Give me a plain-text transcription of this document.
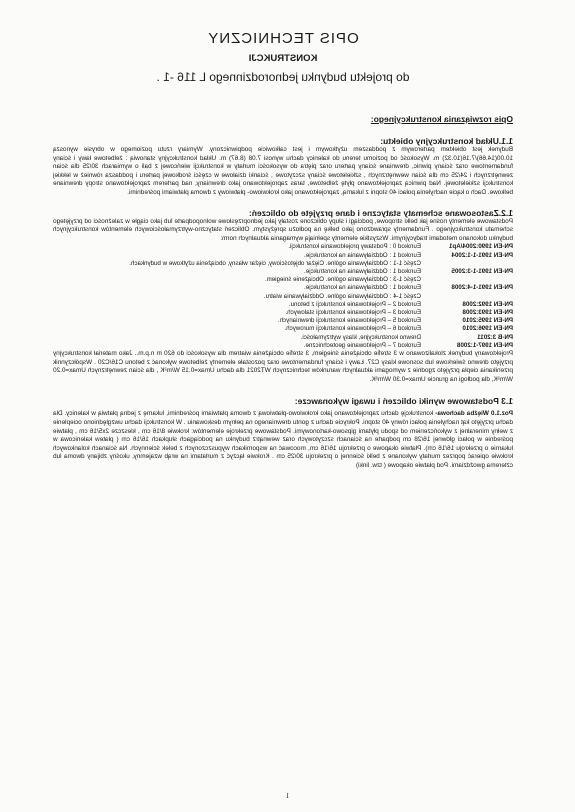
OPIS TECHNICZNY

KONSTRUKCJI

do projektu budynku jednorodzinnego L 116 -1 .

Opis rozwiązania konstrukcyjnego:

1.1.Układ konstrukcyjny obiektu:

Budynek jest obiektem parterowym z poddaszem użytkowym i jest całkowicie podpiwniczony. Wymiary rzutu poziomego w obrysie wynoszą 10.00(14.66)/7.16(10.32) m. Wysokość od poziomu terenu do kalenicy dachu wynosi 7.08 (8.67) m. Układ konstrukcyjny stanowią : żelbetowe ławy i ściany fundamentowe oraz ściany piwnic, drewniane ściany parteru oraz piętra do wysokości murłaty w konstrukcji wieńcowej z bali o wymiarach 30/25 dla ścian zewnętrznych i 24/25 cm dla ścian wewnętrznych , szkieletowe ściany szczytowe , ścianki działowe w części środkowej parteru i poddasza również w lekkiej konstrukcji szkieletowej. Nad piwnicą zaprojektowano płytę żelbetowe, taras zaprojektowano jako drewniany, nad parterem zaprojektowano stropy drewniane belkowe. Dach o kącie nachylenia połaci 40 stopni z lukarną, zaprojektowano jako krokwiowo- płatwiowy z dwoma płatwiami pośrednimi.

1.2.Zastosowane schematy statyczne i dane przyjęte do obliczeń:

Podstawowe elementy nośne jak belki stropowe, podciągi i słupy obliczone zostały jako jednoprzęsłowe wolnopodparte lub jako ciągłe w zależności od przyjętego schematu konstrukcyjnego . Fundamenty sprawdzono jako belkę na podłożu sprężystym. Obliczeń statyczno-wytrzymałościowych elementów konstrukcyjnych budynku dokonano metodami tradycyjnymi. Wszystkie elementy spełniają wymagania aktualnych norm:

PN-EN 1990:2004/Ap1
Eurokod 0 : Podstawy projektowania konstrukcji.
PN-EN 1991-1-1:2004
Eurokod 1 : Oddziaływania na konstrukcje.
Część 1-1 : Oddziaływania ogólne. Ciężar objętościowy, ciężar własny, obciążenia użytkowe w budynkach.
PN-EN 1991-1-3:2005
Eurokod 1 : Oddziaływania na konstrukcje.
Część 1-3 : Oddziaływania ogólne. Obciążenie śniegiem.
PN-EN 1991-1-4:2008
Eurokod 1 : Oddziaływania na konstrukcje.
Część 1-4 : Oddziaływania ogólne. Oddziaływania wiatru.
PN-EN 1992:2008
Eurokod 2 – Projektowanie konstrukcji z betonu.
PN-EN 1993:2008
Eurokod 3 – Projektowanie konstrukcji stalowych.
PN-EN 1995:2010
Eurokod 5 – Projektowanie konstrukcji drewnianych.
PN-EN 1996:2010
Eurokod 6 – Projektowanie konstrukcji murowych.
PN-B 3:2011
Drewno konstrukcyjne, klasy wytrzymałości.
PN-EN 1997-1:2008
Eurokod 7 – Projektowanie geotechniczne.

Projektowany budynek zlokalizowano w 3 strefie obciążenia śniegiem, 3 strefie obciążenia wiatrem dla wysokości do 620 m n.p.m.. Jako materiał konstrukcyjny przyjęto drewno świerkowe lub sosnowe klasy C27. Ławy i ściany fundamentowe oraz pozostałe elementy żelbetowe wykonać z betonu C16/C20 . Współczynnik przenikania ciepła przyjęto zgodnie z wymogami aktualnych warunków technicznych WT2021 dla dachu Umax=0.15 W/m²K , dla ścian zewnętrznych Umax=0.20 W/m²K, dla podłogi na gruncie Umax=0.30 W/m²K.

1.3 Podstawowe wyniki obliczeń i uwagi wykonawcze:

Poz.1.0 Więźba dachowa- konstrukcję dachu zaprojektowano jako krokwiowo-płatwiową z dwoma płatwiami pośrednimi, lukarnę z jedną płatwią w kalenicy. Dla dachu przyjęto kąt nachylenia połaci równy 40 stopni. Pokrycie dachu z gontu drewnianego na pełnym deskowaniu . W konstrukcji dachu uwzględniono ocieplenie z wełny mineralnej z wykończeniem od spodu płytami gipsowo-kartonowymi. Podstawowe przekroje elementów: krokwie 8/16 cm , kleszcze 2x5/16 cm , płatwie pośrednie w połaci głównej 16/28 cm podparte na ścianach szczytowych oraz wewnątrz budynku na podciągach słupkach 16/16 cm ( płatew kalenicowa w lukarnie o przekroju 16/16 cm). Płatwie okapowe o przekroju 16/16 cm, mocować na wspornikach wypuszczonych z belek ściennych. Na ścianach kolankowych krokwie opierać poprzez murłaty wykonane z belki ściennej o przekroju 30/25 cm . Krokwie łączyć z murłatami na wrąb wzajemny, ukośny zbijany dwoma lub czterema gwoździami. Pod płatwie okapowe ( tzw. linki)

1
